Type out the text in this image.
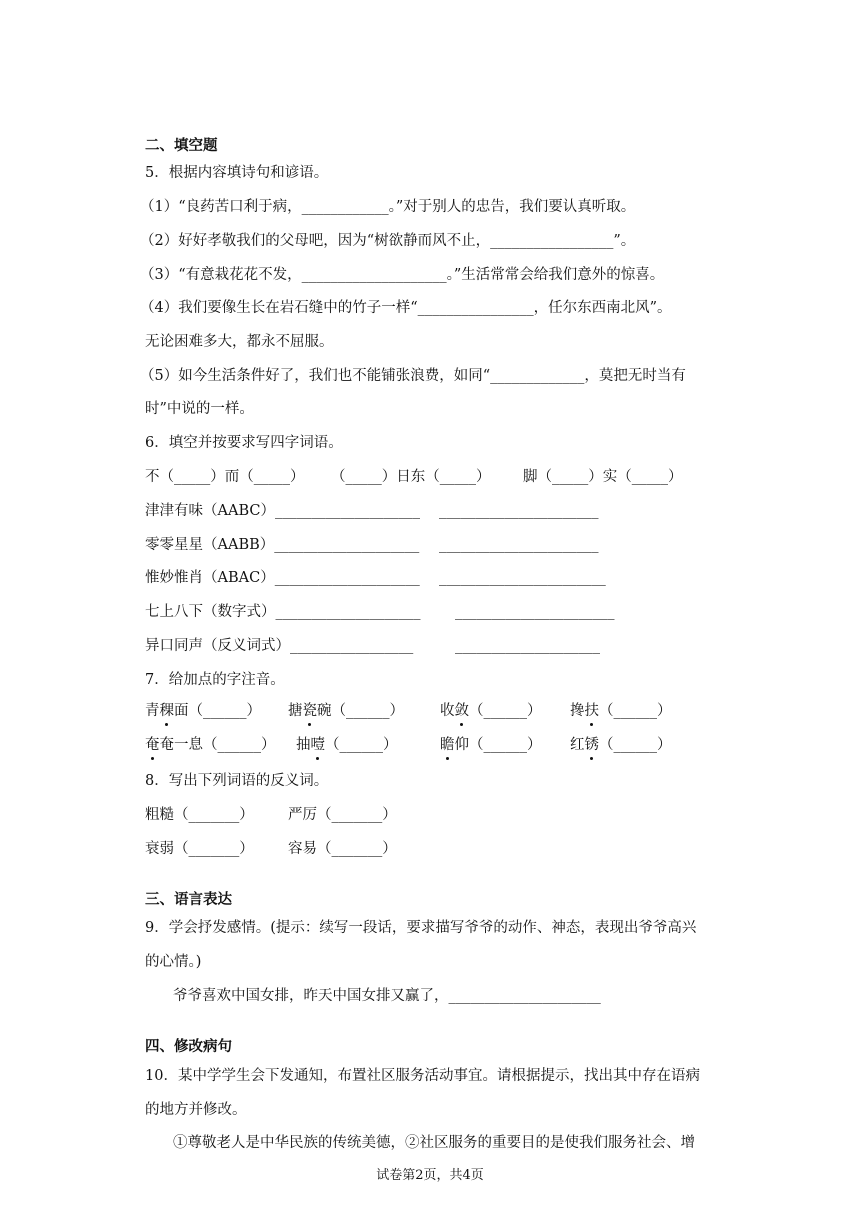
二、填空题
5．根据内容填诗句和谚语。
（1）“良药苦口利于病，____________。”对于别人的忠告，我们要认真听取。
（2）好好孝敬我们的父母吧，因为“树欲静而风不止，_________________”。
（3）“有意栽花花不发，____________________。”生活常常会给我们意外的惊喜。
（4）我们要像生长在岩石缝中的竹子一样“________________，任尔东西南北风”。
无论困难多大，都永不屈服。
（5）如今生活条件好了，我们也不能铺张浪费，如同“_____________，莫把无时当有
时”中说的一样。
6．填空并按要求写四字词语。
不（_____）而（_____） （_____）日东（_____） 脚（_____）实（_____）
津津有味（AABC）____________________ ______________________
零零星星（AABB）____________________ ______________________
惟妙惟肖（ABAC）____________________ _______________________
七上八下（数字式）____________________ ______________________
异口同声（反义词式）_________________	____________________
7．给加点的字注音。
青稞面（______） 搪瓷碗（______） 收敛（______） 搀扶（______）
奄奄一息（______） 抽噎（______）	瞻仰（______） 红锈（______）
8．写出下列词语的反义词。
粗糙（_______） 严厉（_______）
衰弱（_______） 容易（_______）
三、语言表达
9．学会抒发感情。(提示：续写一段话，要求描写爷爷的动作、神态，表现出爷爷高兴
的心情。)
爷爷喜欢中国女排，昨天中国女排又赢了，_____________________
四、修改病句
10．某中学学生会下发通知，布置社区服务活动事宜。请根据提示，找出其中存在语病
的地方并修改。
①尊敬老人是中华民族的传统美德，②社区服务的重要目的是使我们服务社会、增
试卷第2页，共4页
